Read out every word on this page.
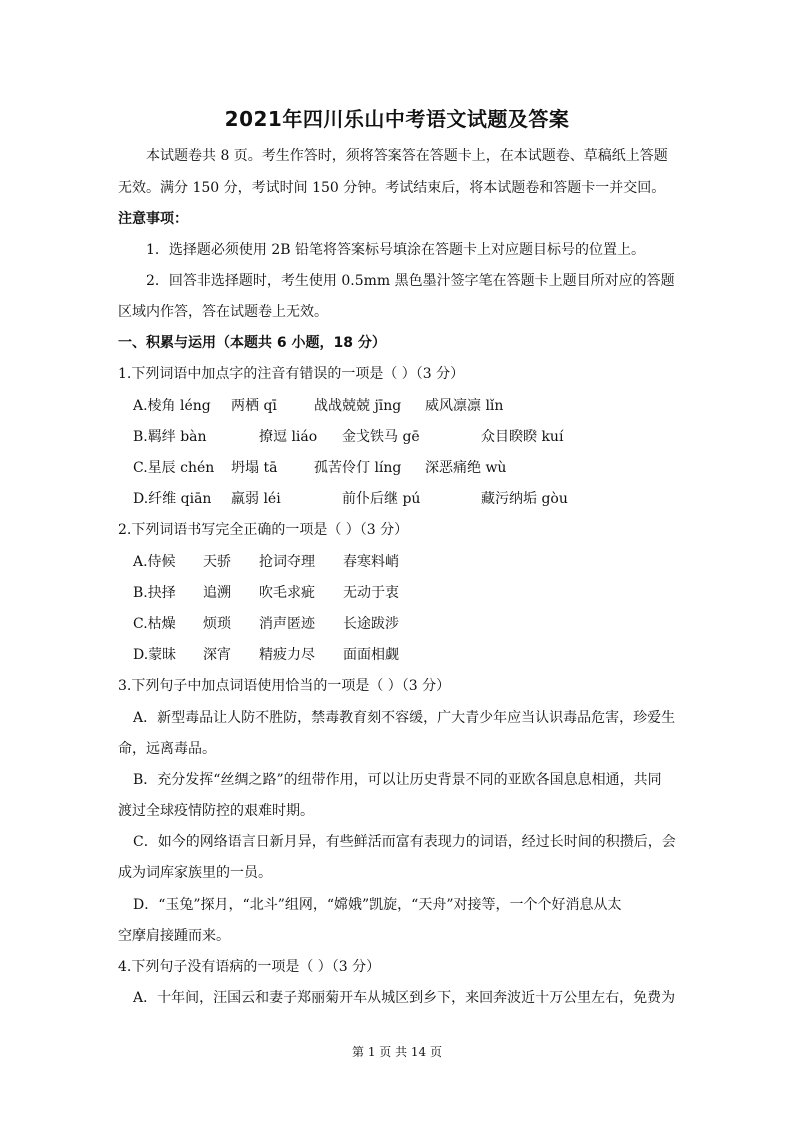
2021年四川乐山中考语文试题及答案
本试题卷共 8 页。考生作答时，须将答案答在答题卡上，在本试题卷、草稿纸上答题
无效。满分 150 分，考试时间 150 分钟。考试结束后，将本试题卷和答题卡一并交回。
注意事项：
1．选择题必须使用 2B 铅笔将答案标号填涂在答题卡上对应题目标号的位置上。
2．回答非选择题时，考生使用 0.5mm 黑色墨汁签字笔在答题卡上题目所对应的答题
区域内作答，答在试题卷上无效。
一、积累与运用（本题共 6 小题，18 分）
1.下列词语中加点字的注音有错误的一项是（ ）（3 分）
A.棱角 léng 两栖 qī	战战兢兢 jīng 威风凛凛 lǐn
B.羁绊 bàn	撩逗 liáo 金戈铁马 gē	众目睽睽 kuí
C.星辰 chén 坍塌 tā	孤苦伶仃 líng 深恶痛绝 wù
D.纤维 qiān 羸弱 léi	前仆后继 pú	藏污纳垢 gòu
2.下列词语书写完全正确的一项是（ ）（3 分）
A.侍候 天骄 抢词夺理 春寒料峭
B.抉择 追溯 吹毛求疵 无动于衷
C.枯燥 烦琐 消声匿迹 长途跋涉
D.蒙昧 深宵 精疲力尽 面面相觑
3.下列句子中加点词语使用恰当的一项是（ ）（3 分）
A．新型毒品让人防不胜防，禁毒教育刻不容缓，广大青少年应当认识毒品危害，珍爱生
命，远离毒品。
B．充分发挥“丝绸之路”的纽带作用，可以让历史背景不同的亚欧各国息息相通，共同
渡过全球疫情防控的艰难时期。
C．如今的网络语言日新月异，有些鲜活而富有表现力的词语，经过长时间的积攒后，会
成为词库家族里的一员。
D．“玉兔”探月，“北斗”组网，“嫦娥”凯旋，“天舟”对接等，一个个好消息从太
空摩肩接踵而来。
4.下列句子没有语病的一项是（ ）（3 分）
A．十年间，汪国云和妻子郑丽菊开车从城区到乡下，来回奔波近十万公里左右，免费为
第 1 页 共 14 页
